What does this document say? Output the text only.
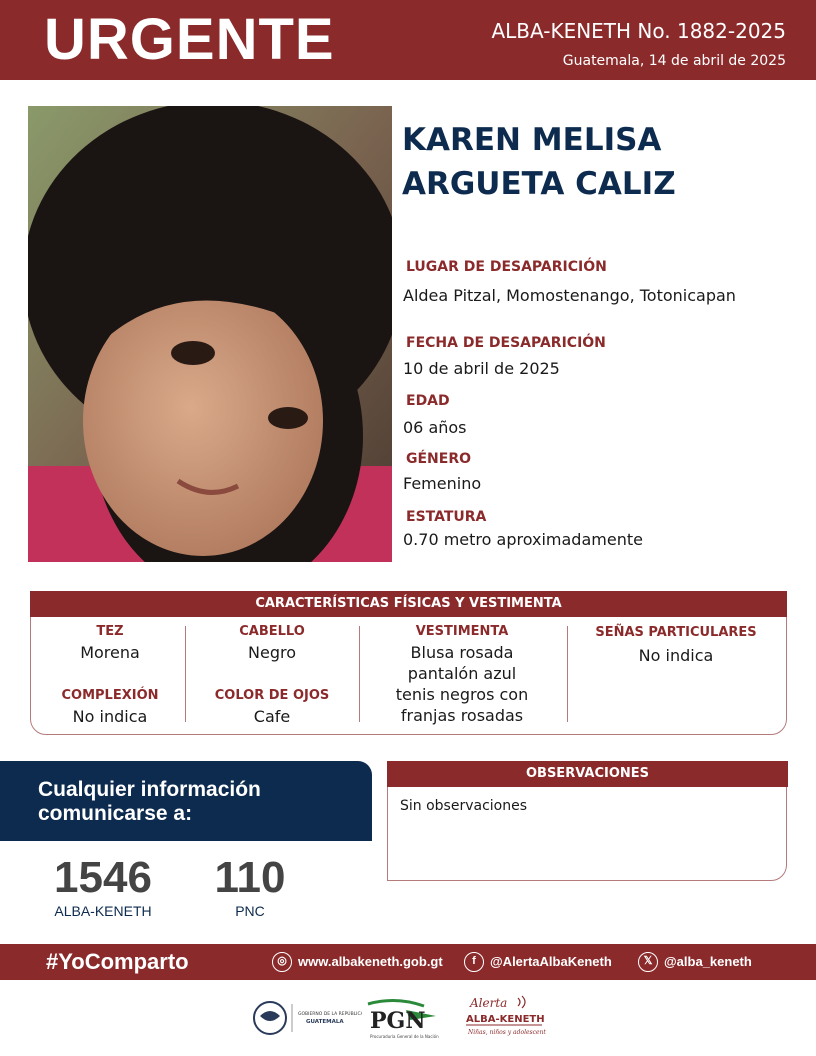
URGENTE	ALBA-KENETH No. 1882-2025
Guatemala, 14 de abril de 2025
KAREN MELISA
ARGUETA CALIZ
LUGAR DE DESAPARICIÓN
Aldea Pitzal, Momostenango, Totonicapan
FECHA DE DESAPARICIÓN
10 de abril de 2025
EDAD
06 años
GÉNERO
Femenino
ESTATURA
0.70 metro aproximadamente
CARACTERÍSTICAS FÍSICAS Y VESTIMENTA
TEZ
Morena
COMPLEXIÓN
No indica
CABELLO
Negro
COLOR DE OJOS
Cafe
VESTIMENTA
Blusa rosada
pantalón azul
tenis negros con
franjas rosadas
SEÑAS PARTICULARES
No indica
Cualquier información
comunicarse a:
1546
ALBA-KENETH
110
PNC
OBSERVACIONES
Sin observaciones
#YoComparto	◎ www.albakeneth.gob.gt	f	@AlertaAlbaKeneth	𝕏 @alba_keneth
GOBIERNO DE LA REPÚBLICA
GUATEMALA PGN
Procuraduría General de la Nación
Alerta
ALBA-KENETH
Niñas, niños y adolescentes
